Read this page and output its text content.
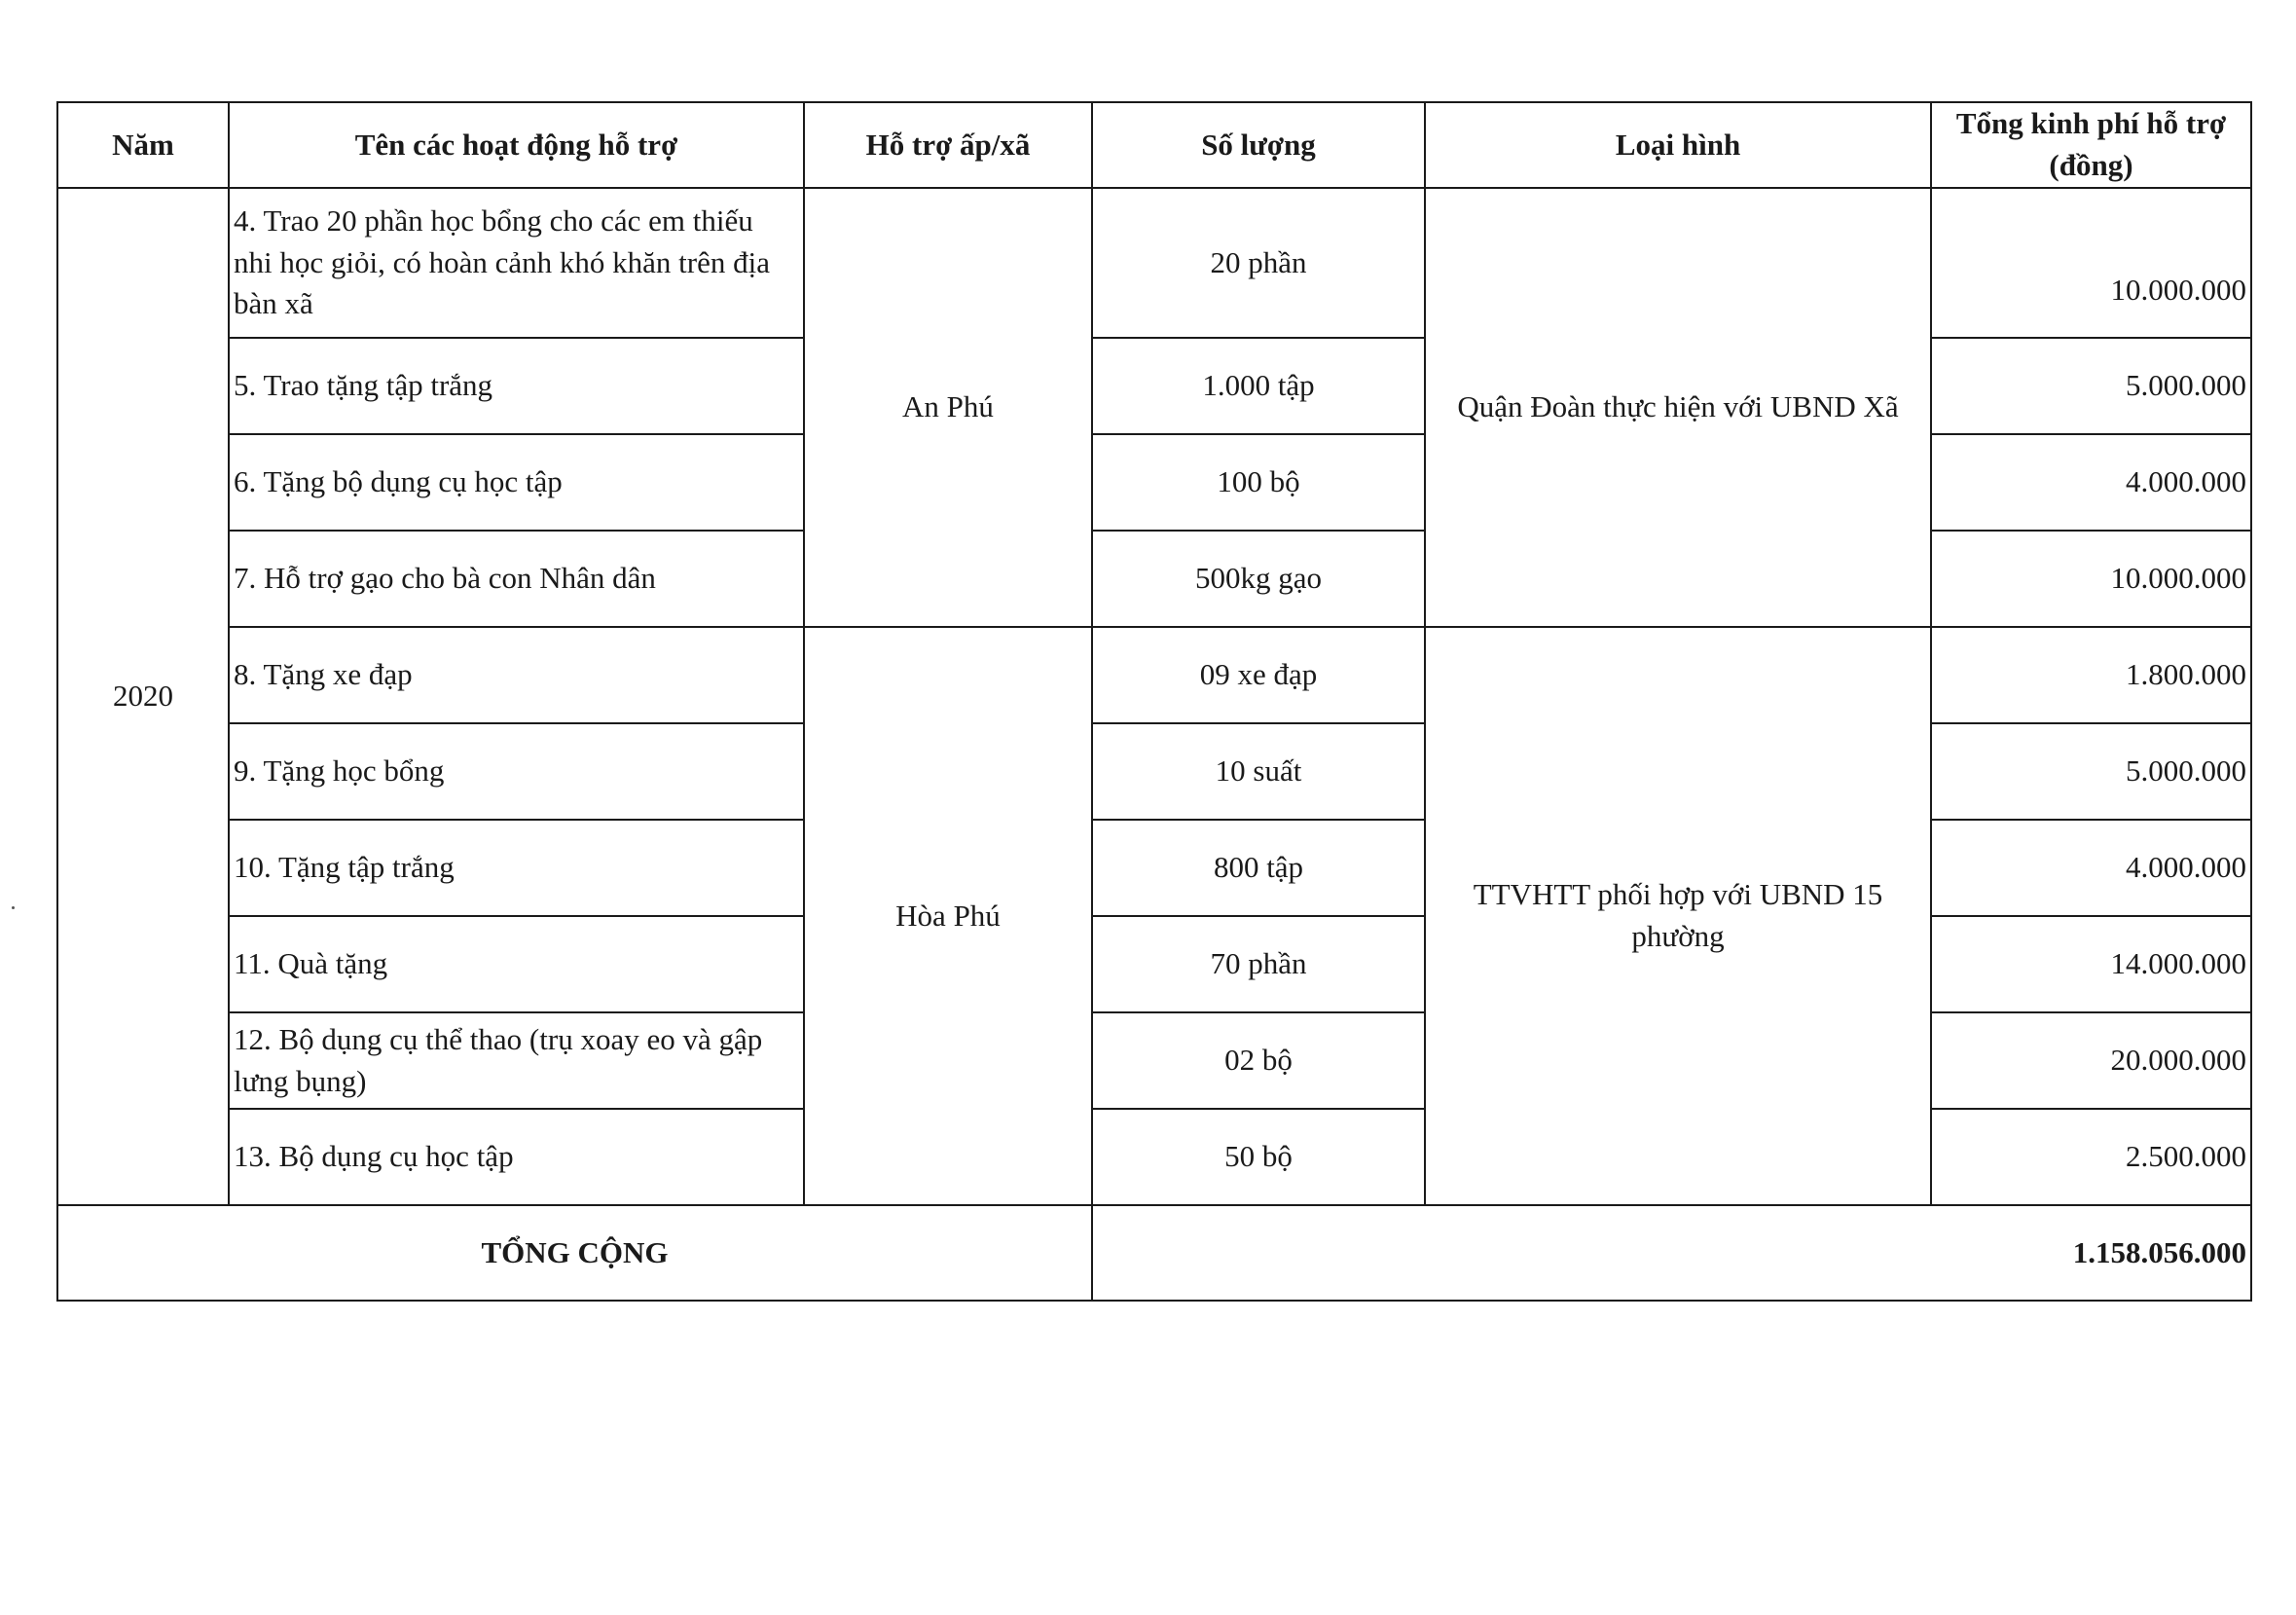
Năm	Tên các hoạt động hỗ trợ	Hỗ trợ ấp/xã	Số lượng	Loại hình	Tổng kinh phí hỗ trợ (đồng)
2020	4. Trao 20 phần học bổng cho các em thiếu nhi học giỏi, có hoàn cảnh khó khăn trên địa bàn xã	An Phú	20 phần	Quận Đoàn thực hiện với UBND Xã	10.000.000
	5. Trao tặng tập trắng		1.000 tập		5.000.000
	6. Tặng bộ dụng cụ học tập		100 bộ		4.000.000
	7. Hỗ trợ gạo cho bà con Nhân dân		500kg gạo		10.000.000
	8. Tặng xe đạp	Hòa Phú	09 xe đạp	TTVHTT phối hợp với UBND 15 phường	1.800.000
	9. Tặng học bổng		10 suất		5.000.000
	10. Tặng tập trắng		800 tập		4.000.000
	11. Quà tặng		70 phần		14.000.000
	12. Bộ dụng cụ thể thao (trụ xoay eo và gập lưng bụng)		02 bộ		20.000.000
	13. Bộ dụng cụ học tập		50 bộ		2.500.000
TỔNG CỘNG			1.158.056.000		
